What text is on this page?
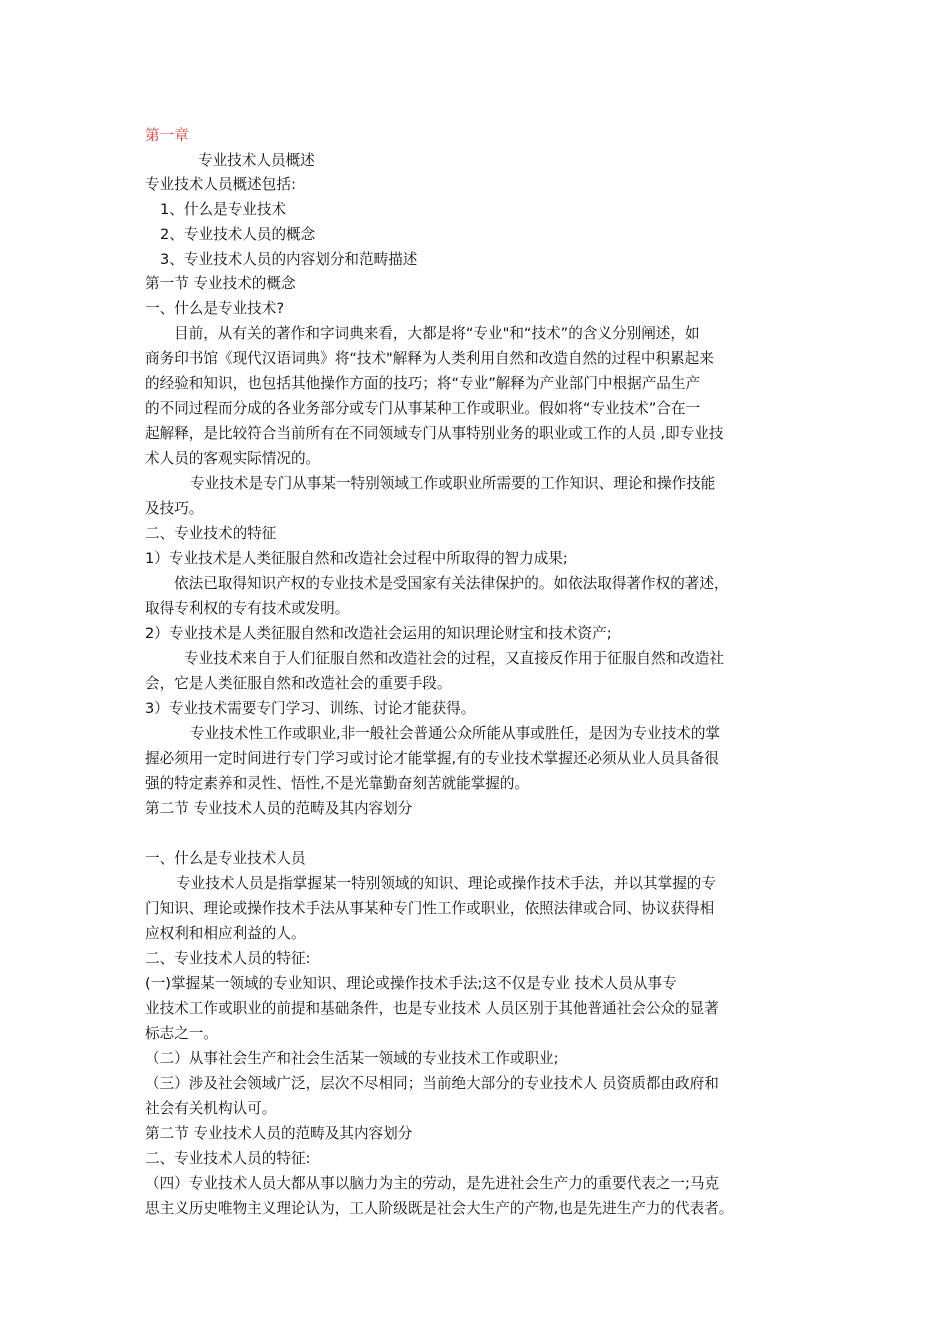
第一章
专业技术人员概述
专业技术人员概述包括:
1、什么是专业技术
2、专业技术人员的概念
3、专业技术人员的内容划分和范畴描述
第一节 专业技术的概念
一、什么是专业技术?
目前，从有关的著作和字词典来看，大都是将“专业"和“技术”的含义分别阐述，如
商务印书馆《现代汉语词典》将“技术"解释为人类利用自然和改造自然的过程中积累起来
的经验和知识，也包括其他操作方面的技巧；将“专业”解释为产业部门中根据产品生产
的不同过程而分成的各业务部分或专门从事某种工作或职业。假如将“专业技术”合在一
起解释，是比较符合当前所有在不同领域专门从事特别业务的职业或工作的人员 ,即专业技
术人员的客观实际情况的。
专业技术是专门从事某一特别领域工作或职业所需要的工作知识、理论和操作技能
及技巧。
二、专业技术的特征
1）专业技术是人类征服自然和改造社会过程中所取得的智力成果;
依法已取得知识产权的专业技术是受国家有关法律保护的。如依法取得著作权的著述，
取得专利权的专有技术或发明。
2）专业技术是人类征服自然和改造社会运用的知识理论财宝和技术资产;
专业技术来自于人们征服自然和改造社会的过程，又直接反作用于征服自然和改造社
会，它是人类征服自然和改造社会的重要手段。
3）专业技术需要专门学习、训练、讨论才能获得。
专业技术性工作或职业,非一般社会普通公众所能从事或胜任，是因为专业技术的掌
握必须用一定时间进行专门学习或讨论才能掌握,有的专业技术掌握还必须从业人员具备很
强的特定素养和灵性、悟性,不是光靠勤奋刻苦就能掌握的。
第二节 专业技术人员的范畴及其内容划分
一、什么是专业技术人员
专业技术人员是指掌握某一特别领域的知识、理论或操作技术手法，并以其掌握的专
门知识、理论或操作技术手法从事某种专门性工作或职业，依照法律或合同、协议获得相
应权利和相应利益的人。
二、专业技术人员的特征:
(一)掌握某一领域的专业知识、理论或操作技术手法;这不仅是专业 技术人员从事专
业技术工作或职业的前提和基础条件，也是专业技术 人员区别于其他普通社会公众的显著
标志之一。
（二）从事社会生产和社会生活某一领域的专业技术工作或职业;
（三）涉及社会领域广泛，层次不尽相同；当前绝大部分的专业技术人 员资质都由政府和
社会有关机构认可。
第二节 专业技术人员的范畴及其内容划分
二、专业技术人员的特征:
（四）专业技术人员大都从事以脑力为主的劳动，是先进社会生产力的重要代表之一;马克
思主义历史唯物主义理论认为，工人阶级既是社会大生产的产物,也是先进生产力的代表者。
